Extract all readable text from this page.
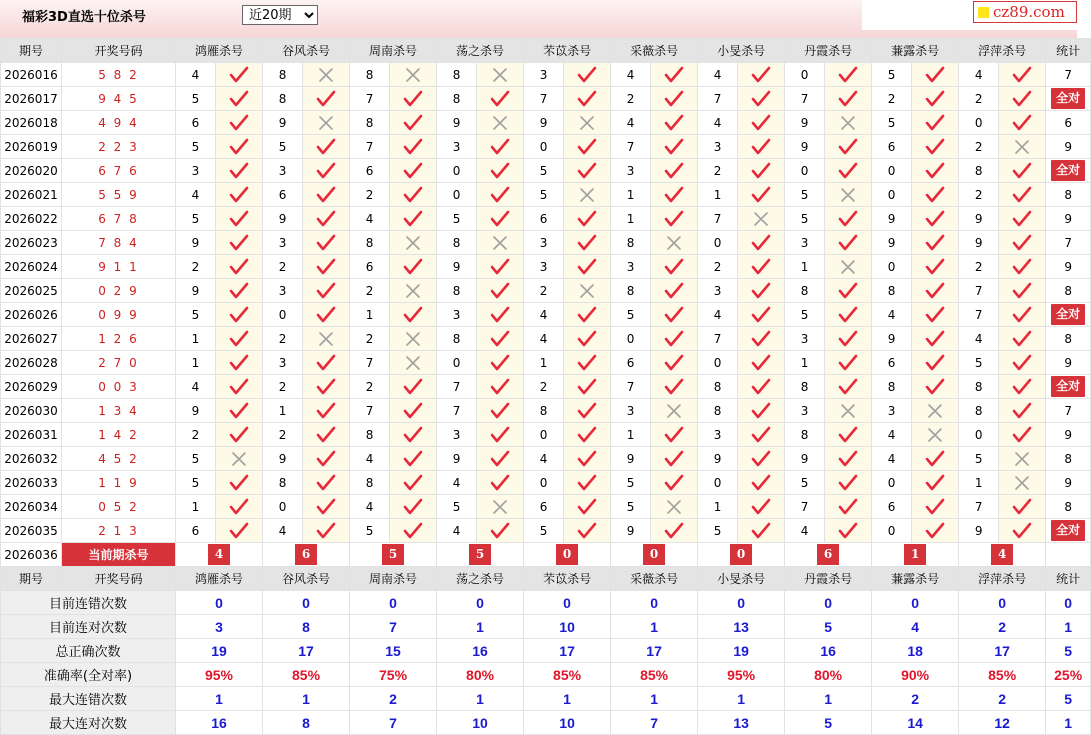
福彩3D直选十位杀号
近20期	cz89.com
期号	开奖号码	鸿雁杀号		谷风杀号		周南杀号		荡之杀号		芣苡杀号		采薇杀号		小旻杀号		丹霞杀号		蒹露杀号		浮萍杀号		统计
2026016	5 8 2	4		8		8		8		3		4		4		0		5		4		7
2026017	9 4 5	5		8		7		8		7		2		7		7		2		2		全对

2026018	4 9 4	6		9		8		9		9		4		4		9		5		0		6
2026019	2 2 3	5		5		7		3		0		7		3		9		6		2		9
2026020	6 7 6	3		3		6		0		5		3		2		0		0		8		全对

2026021	5 5 9	4		6		2		0		5		1		1		5		0		2		8
2026022	6 7 8	5		9		4		5		6		1		7		5		9		9		9
2026023	7 8 4	9		3		8		8		3		8		0		3		9		9		7
2026024	9 1 1	2		2		6		9		3		3		2		1		0		2		9
2026025	0 2 9	9		3		2		8		2		8		3		8		8		7		8
2026026	0 9 9	5		0		1		3		4		5		4		5		4		7		全对

2026027	1 2 6	1		2		2		8		4		0		7		3		9		4		8
2026028	2 7 0	1		3		7		0		1		6		0		1		6		5		9
2026029	0 0 3	4		2		2		7		2		7		8		8		8		8		全对

2026030	1 3 4	9		1		7		7		8		3		8		3		3		8		7
2026031	1 4 2	2		2		8		3		0		1		3		8		4		0		9
2026032	4 5 2	5		9		4		9		4		9		9		9		4		5		8
2026033	1 1 9	5		8		8		4		0		5		0		5		0		1		9
2026034	0 5 2	1		0		4		5		6		5		1		7		6		7		8
2026035	2 1 3	6		4		5		4		5		9		5		4		0		9		全对

2026036	当前期杀号	4		6		5		5		0		0		0		6		1		4		
期号	开奖号码	鸿雁杀号		谷风杀号		周南杀号		荡之杀号		芣苡杀号		采薇杀号		小旻杀号		丹霞杀号		蒹露杀号		浮萍杀号		统计
目前连错次数		0		0		0		0		0		0		0		0		0		0		0
目前连对次数		3		8		7		1		10		1		13		5		4		2		1
总正确次数		19		17		15		16		17		17		19		16		18		17		5
准确率(全对率)		95%		85%		75%		80%		85%		85%		95%		80%		90%		85%		25%
最大连错次数		1		1		2		1		1		1		1		1		2		2		5
最大连对次数		16		8		7		10		10		7		13		5		14		12		1
